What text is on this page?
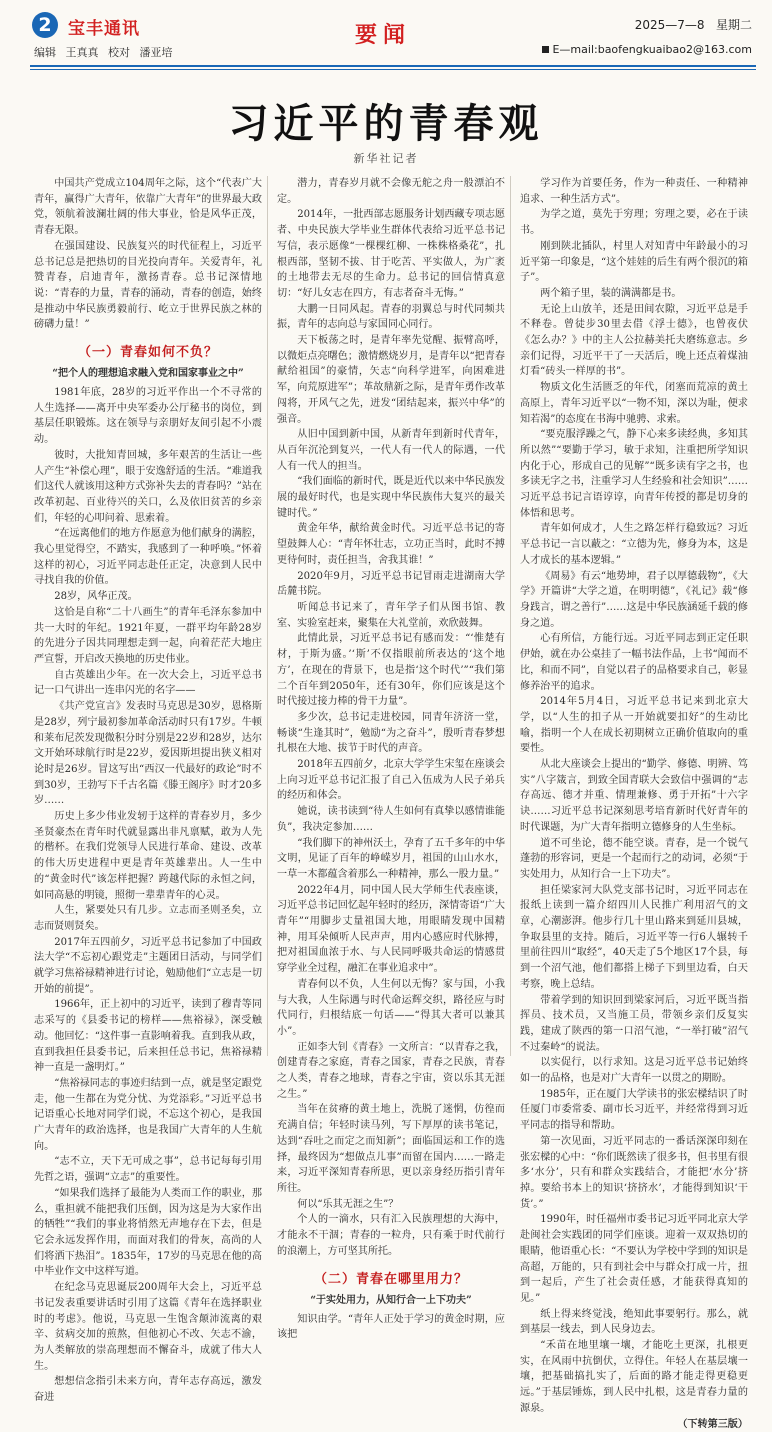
2 宝丰通讯
编辑 王真真 校对 潘亚培
要闻	2025—7—8 星期二
E—mail:baofengkuaibao2@163.com
习近平的青春观
新华社记者

中国共产党成立104周年之际，这个“代表广大青年，赢得广大青年，依靠广大青年”的世界最大政党，领航着波澜壮阔的伟大事业，恰是风华正茂，青春无限。

在强国建设、民族复兴的时代征程上，习近平总书记总是把热切的目光投向青年。关爱青年，礼赞青春，启迪青年，激扬青春。总书记深情地说：“青春的力量，青春的涌动，青春的创造，始终是推动中华民族勇毅前行、屹立于世界民族之林的磅礴力量！”

（一）青春如何不负？
“把个人的理想追求融入党和国家事业之中”

1981年底，28岁的习近平作出一个不寻常的人生选择——离开中央军委办公厅秘书的岗位，到基层任职锻炼。这在领导与亲朋好友间引起不小震动。

彼时，大批知青回城，多年艰苦的生活让一些人产生“补偿心理”，眼于安逸舒适的生活。“难道我们这代人就该用这种方式弥补失去的青春吗？”站在改革初起、百业待兴的关口，么及依旧贫苦的乡亲们，年轻的心叩问着、思索着。

“在远离他们的地方作愿意为他们献身的满腔，我心里觉得空，不踏实，我感到了一种呼唤。”怀着这样的初心，习近平同志赴任正定，决意到人民中寻找自我的价值。

28岁，风华正茂。

这恰是自称“二十八画生”的青年毛泽东参加中共一大时的年纪。1921年夏，一群平均年龄28岁的先进分子因共同理想走到一起，向着茫茫大地庄严宣誓，开启改天换地的历史伟业。

自古英雄出少年。在一次大会上，习近平总书记一口气讲出一连串闪光的名字——

《共产党宣言》发表时马克思是30岁，恩格斯是28岁，列宁最初参加革命活动时只有17岁。牛顿和莱布尼茨发现微积分时分别是22岁和28岁，达尔文开始环球航行时是22岁，爱因斯坦提出狭义相对论时是26岁。冒这写出“西汉一代最好的政论”时不到30岁，王勃写下千古名篇《滕王阁序》时才20多岁……

历史上多少伟业发轫于这样的青春岁月，多少圣贤豪杰在青年时代就显露出非凡禀赋，敢为人先的楷杯。在我们党领导人民进行革命、建设、改革的伟大历史进程中更是青年英雄辈出。人一生中的“黄金时代”该怎样把握？跨越代际的永恒之问，如同高悬的明镜，照彻一辈辈青年的心灵。

人生，紧要处只有几步。立志而圣则圣矣，立志而贤则贤矣。

2017年五四前夕，习近平总书记参加了中国政法大学“不忘初心跟党走”主题团日活动，与同学们就学习焦裕禄精神进行讨论，勉励他们“立志是一切开始的前提”。

1966年，正上初中的习近平，读到了穆青等同志采写的《县委书记的榜样——焦裕禄》，深受触动。他回忆：“这件事一直影响着我。直到我从政，直到我担任县委书记，后来担任总书记，焦裕禄精神一直是一盏明灯。”

“焦裕禄同志的事迹归结到一点，就是坚定跟党走，他一生都在为党分忧、为党添彩。”习近平总书记语重心长地对同学们说，不忘这个初心，是我国广大青年的政治选择，也是我国广大青年的人生航向。

“志不立，天下无可成之事”，总书记每每引用先哲之语，强调“立志”的重要性。

“如果我们选择了最能为人类而工作的职业，那么，重担就不能把我们压倒，因为这是为大家作出的牺牲”“我们的事业将悄然无声地存在下去，但是它会永远发挥作用，而面对我们的骨灰，高尚的人们将洒下热泪”。1835年，17岁的马克思在他的高中毕业作文中这样写道。

在纪念马克思诞辰200周年大会上，习近平总书记发表重要讲话时引用了这篇《青年在选择职业时的考虑》。他说，马克思一生饱含颠沛流离的艰辛、贫病交加的煎熬，但他初心不改、矢志不渝，为人类解放的崇高理想而不懈奋斗，成就了伟大人生。

想想信念指引未来方向，青年志存高远，激发奋进

潜力，青春岁月就不会像无舵之舟一般漂泊不定。

2014年，一批西部志愿服务计划西藏专项志愿者、中央民族大学毕业生群体代表给习近平总书记写信，表示愿像“一棵棵红柳、一株株格桑花”，扎根西部，坚韧不拔、甘于吃苦、平实做人，为广袤的土地带去无尽的生命力。总书记的回信情真意切：“好儿女志在四方，有志者奋斗无悔。”

大鹏一日同风起。青春的羽翼总与时代同频共振，青年的志向总与家国同心同行。

天下板荡之时，是青年率先觉醒、振臂高呼，以微炬点亮曙色；激情燃烧岁月，是青年以“把青春献给祖国”的豪情，矢志“向科学进军，向困难进军，向荒原进军”；革故鼎新之际，是青年勇作改革闯将，开风气之先，迸发“团结起来，振兴中华”的强音。

从旧中国到新中国，从新青年到新时代青年，从百年沉沦到复兴，一代人有一代人的际遇，一代人有一代人的担当。

“我们面临的新时代，既是近代以来中华民族发展的最好时代，也是实现中华民族伟大复兴的最关键时代。”

黄金年华，献给黄金时代。习近平总书记的寄望鼓舞人心：“青年怀壮志，立功正当时，此时不搏更待何时，责任担当，舍我其谁！”

2020年9月，习近平总书记冒雨走进湖南大学岳麓书院。

听闻总书记来了，青年学子们从图书馆、教室、实验室赶来，聚集在大礼堂前，欢欣鼓舞。

此情此景，习近平总书记有感而发：“‘惟楚有材，于斯为盛。’‘斯’不仅指眼前所表达的‘这个地方’，在现在的背景下，也是指‘这个时代’”“我们第二个百年到2050年，还有30年，你们应该是这个时代接过接力棒的骨干力量”。

多少次，总书记走进校园，同青年济济一堂，畅谈“生逢其时”，勉励“为之奋斗”，殷听青春梦想扎根在大地、拔节于时代的声音。

2018年五四前夕，北京大学学生宋玺在座谈会上向习近平总书记汇报了自己入伍成为人民子弟兵的经历和体会。

她说，读书读到“待人生如何有真挚以感情谁能负”，我决定参加……

“我们脚下的神州沃土，孕育了五千多年的中华文明，见证了百年的峥嵘岁月，祖国的山山水水，一草一木都蕴含着那么一种精神，那么一股力量。”

2022年4月，同中国人民大学师生代表座谈，习近平总书记回忆起年轻时的经历，深情寄语“广大青年”“用脚步丈量祖国大地，用眼睛发现中国精神，用耳朵倾听人民声声，用内心感应时代脉搏，把对祖国血浓于水、与人民同呼吸共命运的情感贯穿学业全过程，融汇在事业追求中”。

青春何以不负，人生何以无悔？家与国，小我与大我，人生际遇与时代命运辉交织，路径应与时代同行，归根结底一句话——“得其大者可以兼其小”。

正如李大钊《青春》一文所言：“以青春之我，创建青春之家庭，青春之国家，青春之民族，青春之人类，青春之地球，青春之宇宙，资以乐其无涯之生。”

当年在贫瘠的黄土地上，洗脱了迷惘，仿徨而充满自信；年轻时读马列，写下厚厚的读书笔记，达到“吞吐之而定之而知新”；面临国运和工作的选择，最终因为“想做点儿事”而留在国内……一路走来，习近平深知青春所思，更以亲身经历指引青年所往。

何以“乐其无涯之生”？

个人的一滴水，只有汇入民族理想的大海中，才能永不干涸；青春的一粒舟，只有乘于时代前行的浪潮上，方可坚其所托。

（二）青春在哪里用力？
“于实处用力，从知行合一上下功夫”

知识由学。“青年人正处于学习的黄金时期，应该把

学习作为首要任务，作为一种责任、一种精神追求、一种生活方式”。

为学之道，莫先于穷理；穷理之要，必在于读书。

刚到陕北插队，村里人对知青中年龄最小的习近平第一印象是，“这个娃娃的后生有两个很沉的箱子”。

两个箱子里，装的满满都是书。

无论上山放羊，还是田间农隙，习近平总是手不释卷。曾徒步30里去借《浮士德》，也曾夜伏《怎么办？》中的主人公拉赫美托夫磨练意志。乡亲们记得，习近平干了一天活后，晚上还点着煤油灯看“砖头一样厚的书”。

物质文化生活匮乏的年代，闭塞而荒凉的黄土高原上，青年习近平以“一物不知，深以为耻，便求知若渴”的态度在书海中驰骋、求索。

“要克服浮躁之气，静下心来多读经典，多知其所以然”“要勤于学习，敏于求知，注重把所学知识内化于心，形成自己的见解”“既多读有字之书，也多读无字之书，注重学习人生经验和社会知识”……习近平总书记言语谆谆，向青年传授的都是切身的体悟和思考。

青年如何成才，人生之路怎样行稳致远？习近平总书记一言以蔽之：“立德为先，修身为本，这是人才成长的基本逻辑。”

《周易》有云“地势坤，君子以厚德载物”，《大学》开篇讲“大学之道，在明明德”，《礼记》载“修身践言，谓之善行”……这是中华民族涵延千载的修身之道。

心有所信，方能行远。习近平同志到正定任职伊始，就在办公桌挂了一幅书法作品，上书“闻而不比，和而不同”，自觉以君子的品格要求自己，彰显修养治平的追求。

2014年5月4日，习近平总书记来到北京大学，以“人生的扣子从一开始就要扣好”的生动比喻，指明一个人在成长初期树立正确价值取向的重要性。

从北大座谈会上提出的“勤学、修德、明辨、笃实”八字箴言，到致全国青联大会致信中强调的“志存高远、德才并重、情理兼修、勇于开拓”十六字诀……习近平总书记深刻思考培育新时代好青年的时代课题，为广大青年指明立德修身的人生坐标。

道不可坐论，德不能空谈。青春，是一个锐气蓬勃的形容词，更是一个起而行之的动词，必须“于实处用力，从知行合一上下功夫”。

担任梁家河大队党支部书记时，习近平同志在报纸上读到一篇介绍四川人民推广利用沼气的文章，心潮澎湃。他步行几十里山路来到延川县城，争取县里的支持。随后，习近平等一行6人辗转千里前往四川“取经”，40天走了5个地区17个县，每到一个沼气池，他们都搭上梯子下到里边看，白天考察，晚上总结。

带着学到的知识回到梁家河后，习近平既当指挥员、技术员，又当施工员，带领乡亲们反复实践，建成了陕西的第一口沼气池，“一举打破”沼气不过秦岭“的说法。

以实促行，以行求知。这是习近平总书记始终如一的品格，也是对广大青年一以贯之的期盼。

1985年，正在厦门大学读书的张宏樑结识了时任厦门市委常委、副市长习近平，并经常得到习近平同志的指导和帮助。

第一次见面，习近平同志的一番话深深印刻在张宏樑的心中：“你们既然读了很多书，但书里有很多‘水分’，只有和群众实践结合，才能把‘水分’挤掉。要给书本上的知识‘挤挤水’，才能得到知识‘干货’。”

1990年，时任福州市委书记习近平同北京大学赴闽社会实践团的同学们座谈。迎着一双双热切的眼睛，他语重心长：“不要认为学校中学到的知识是高超，万能的，只有到社会中与群众打成一片，扭到一起后，产生了社会责任感，才能获得真知的见。”

纸上得来终觉浅，绝知此事要躬行。那么，就到基层一线去，到人民身边去。

“禾苗在地里壤一壤，才能吃土更深，扎根更实，在风雨中抗倒伏，立得住。年轻人在基层壤一壤，把基础搞扎实了，后面的路才能走得更稳更远。”于基层锤炼，到人民中扎根，这是青春力量的源泉。

（下转第三版）
